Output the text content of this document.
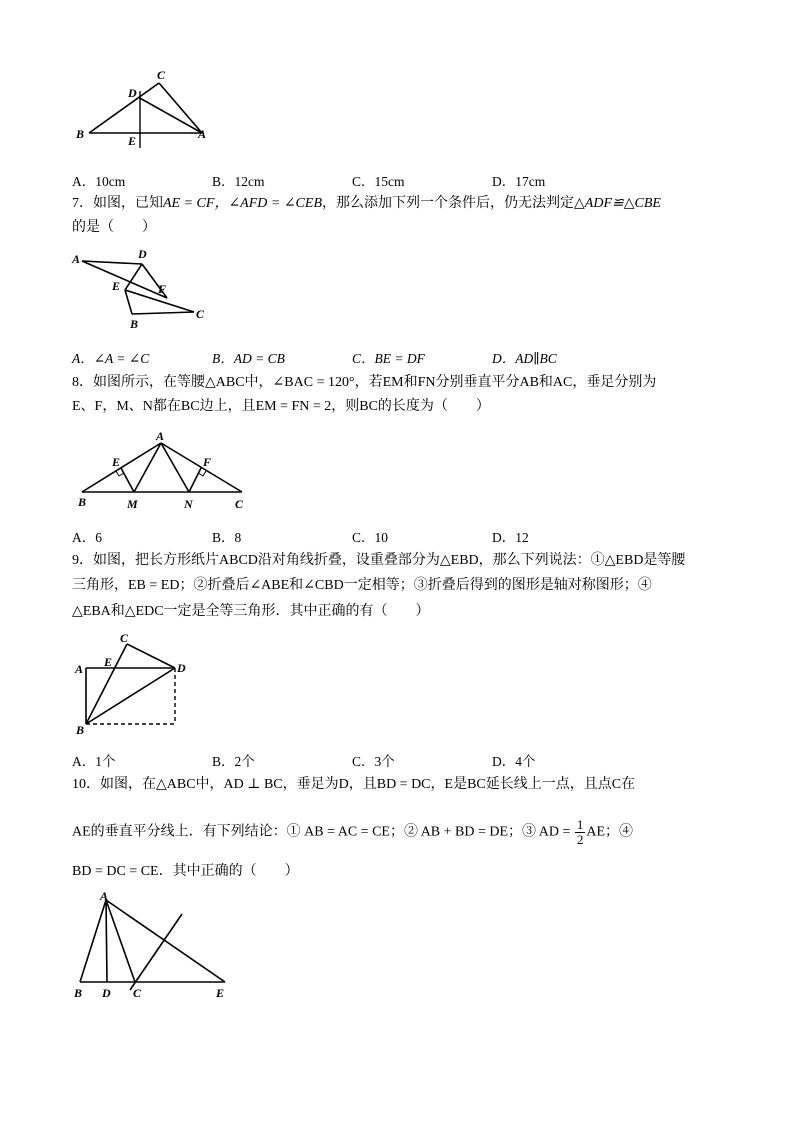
C
D
B	E	A
A．10cm	B．12cm	C．15cm	D．17cm
7．如图，已知AE = CF，∠AFD = ∠CEB，那么添加下列一个条件后，仍无法判定△ADF≌△CBE
的是（　　）
A	D
E	F
B
C
A．∠A = ∠C	B．AD = CB	C．BE = DF	D．AD∥BC
8．如图所示，在等腰△ABC中，∠BAC = 120°，若EM和FN分别垂直平分AB和AC，垂足分别为
E、F，M、N都在BC边上，且EM = FN = 2，则BC的长度为（　　）
A
E	F
B	M	N	C
A．6	B．8	C．10	D．12
9．如图，把长方形纸片ABCD沿对角线折叠，设重叠部分为△EBD，那么下列说法：①△EBD是等腰
三角形，EB = ED；②折叠后∠ABE和∠CBD一定相等；③折叠后得到的图形是轴对称图形；④
△EBA和△EDC一定是全等三角形．其中正确的有（　　）
C
A E	D
B
A．1个	B．2个	C．3个	D．4个
10．如图，在△ABC中，AD ⊥ BC，垂足为D，且BD = DC，E是BC延长线上一点，且点C在
AE的垂直平分线上．有下列结论：① AB = AC = CE；② AB + BD = DE；③ AD = $\frac{1}{2}$ AE；④
BD = DC = CE．其中正确的（　　）
A
B D C	E
